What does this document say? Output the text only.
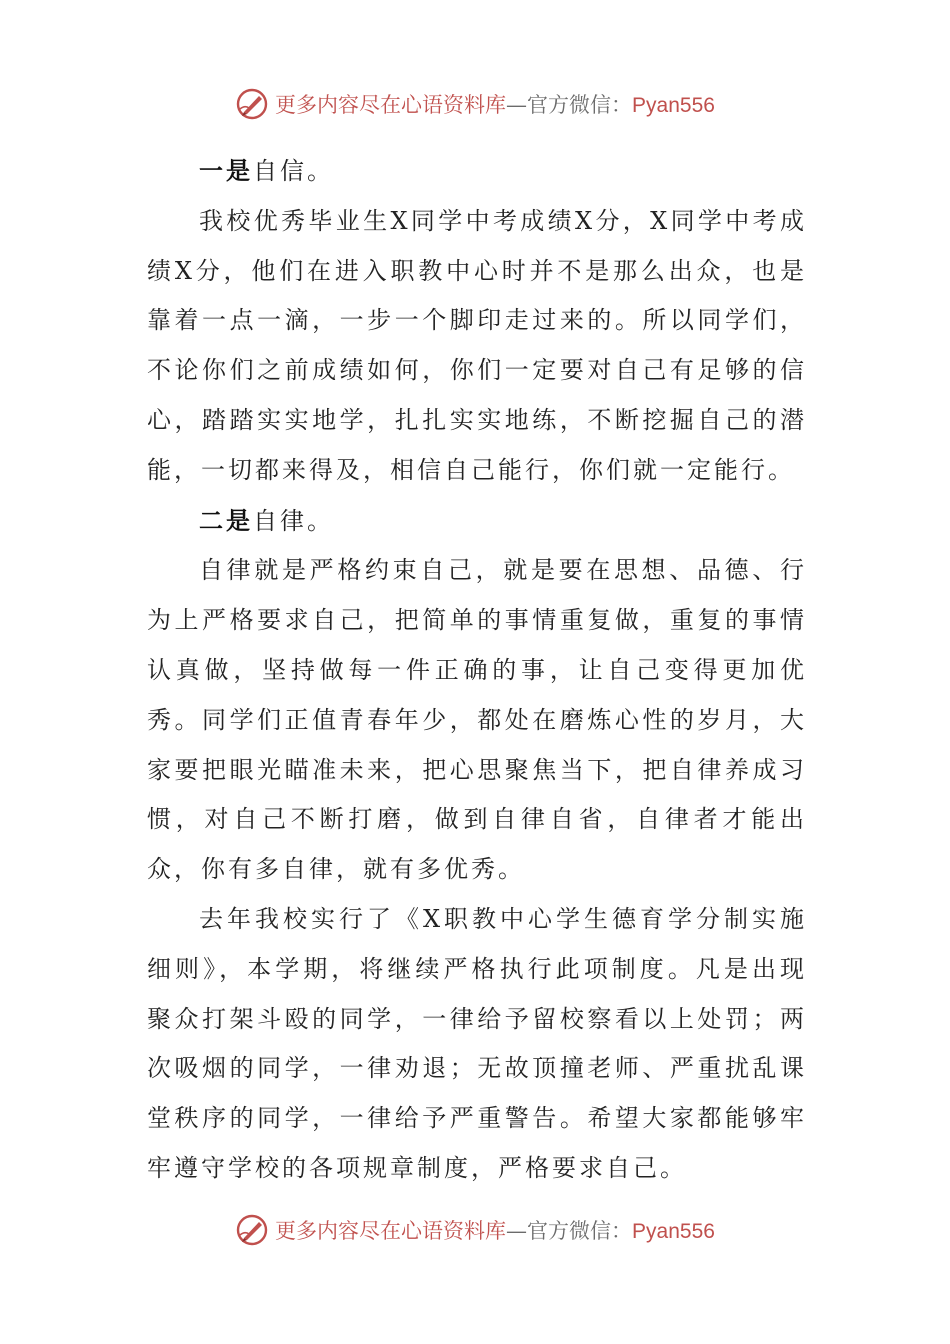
更多内容尽在心语资料库—官方微信：Pyan556

一是自信。

我校优秀毕业生X同学中考成绩X分，X同学中考成绩X分，他们在进入职教中心时并不是那么出众，也是靠着一点一滴，一步一个脚印走过来的。所以同学们，不论你们之前成绩如何，你们一定要对自己有足够的信心，踏踏实实地学，扎扎实实地练，不断挖掘自己的潜能，一切都来得及，相信自己能行，你们就一定能行。

二是自律。

自律就是严格约束自己，就是要在思想、品德、行为上严格要求自己，把简单的事情重复做，重复的事情认真做，坚持做每一件正确的事，让自己变得更加优秀。同学们正值青春年少，都处在磨炼心性的岁月，大家要把眼光瞄准未来，把心思聚焦当下，把自律养成习惯，对自己不断打磨，做到自律自省，自律者才能出众，你有多自律，就有多优秀。

去年我校实行了《X职教中心学生德育学分制实施细则》，本学期，将继续严格执行此项制度。凡是出现聚众打架斗殴的同学，一律给予留校察看以上处罚；两次吸烟的同学，一律劝退；无故顶撞老师、严重扰乱课堂秩序的同学，一律给予严重警告。希望大家都能够牢牢遵守学校的各项规章制度，严格要求自己。

更多内容尽在心语资料库—官方微信：Pyan556
